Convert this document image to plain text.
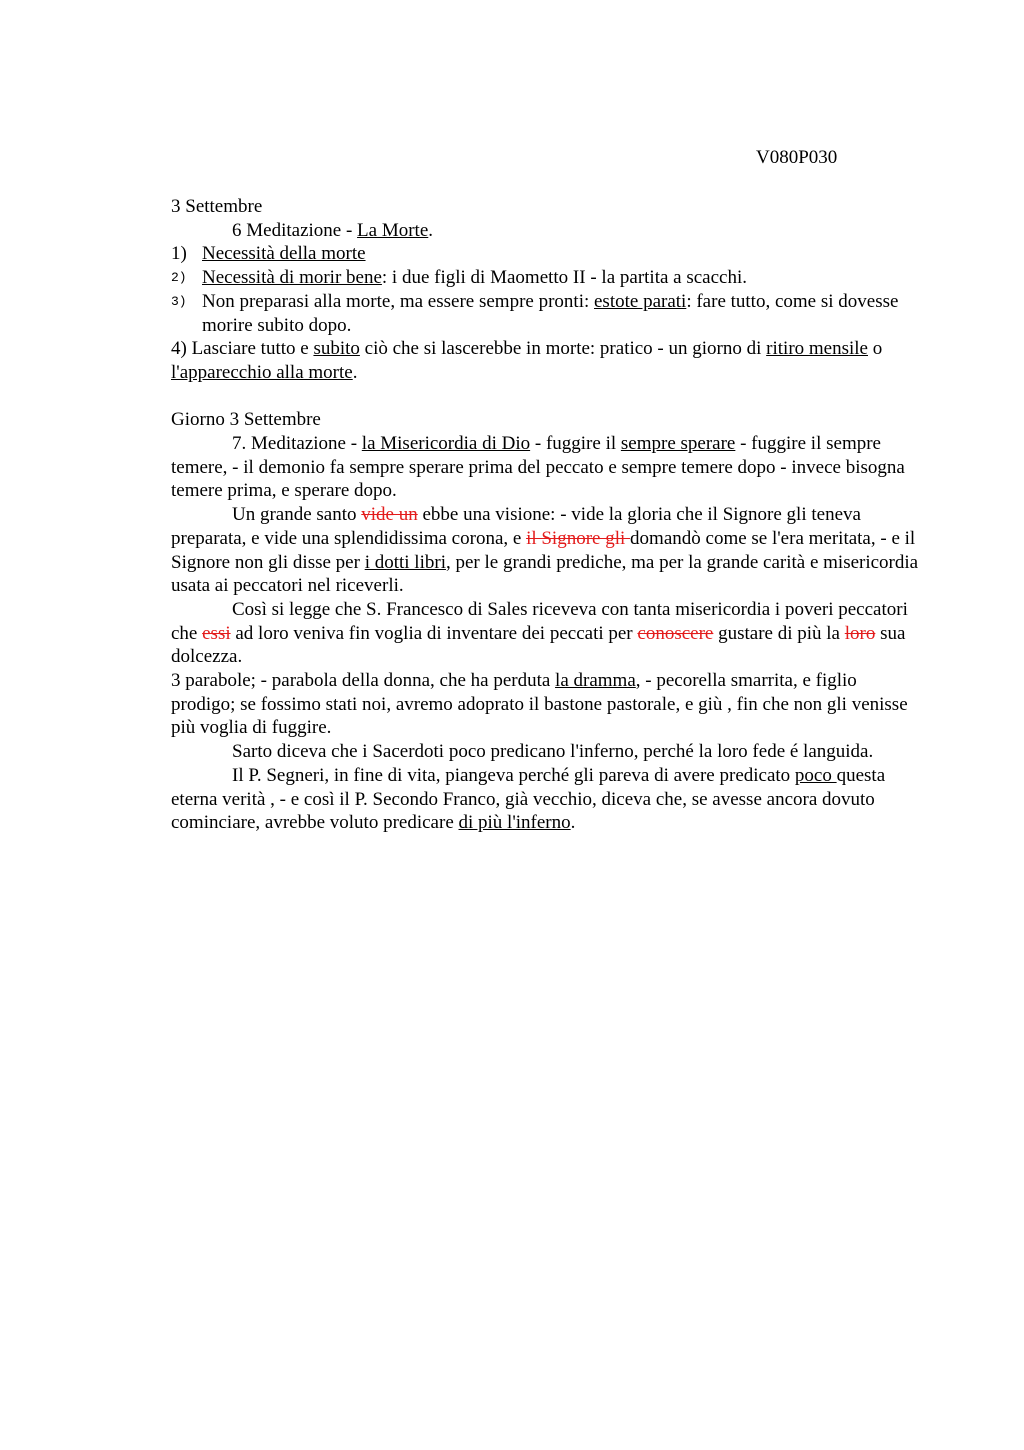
V080P030

3 Settembre

6 Meditazione - La Morte.

1) Necessità della morte
2) Necessità di morir bene: i due figli di Maometto II - la partita a scacchi.
3) Non preparasi alla morte, ma essere sempre pronti: estote parati: fare tutto, come si dovesse morire subito dopo.

4) Lasciare tutto e subito ciò che si lascerebbe in morte: pratico - un giorno di ritiro mensile o l'apparecchio alla morte.

Giorno 3 Settembre

7. Meditazione - la Misericordia di Dio - fuggire il sempre sperare - fuggire il sempre temere, - il demonio fa sempre sperare prima del peccato e sempre temere dopo - invece bisogna temere prima, e sperare dopo.

Un grande santo vide un ebbe una visione: - vide la gloria che il Signore gli teneva preparata, e vide una splendidissima corona, e il Signore gli domandò come se l'era meritata, - e il Signore non gli disse per i dotti libri, per le grandi prediche, ma per la grande carità e misericordia usata ai peccatori nel riceverli.

Così si legge che S. Francesco di Sales riceveva con tanta misericordia i poveri peccatori che essi ad loro veniva fin voglia di inventare dei peccati per conoscere gustare di più la loro sua dolcezza.

3 parabole; - parabola della donna, che ha perduta la dramma, - pecorella smarrita, e figlio prodigo; se fossimo stati noi, avremo adoprato il bastone pastorale, e giù , fin che non gli venisse più voglia di fuggire.

Sarto diceva che i Sacerdoti poco predicano l'inferno, perché la loro fede é languida.

Il P. Segneri, in fine di vita, piangeva perché gli pareva di avere predicato poco questa eterna verità , - e così il P. Secondo Franco, già vecchio, diceva che, se avesse ancora dovuto cominciare, avrebbe voluto predicare di più l'inferno.
